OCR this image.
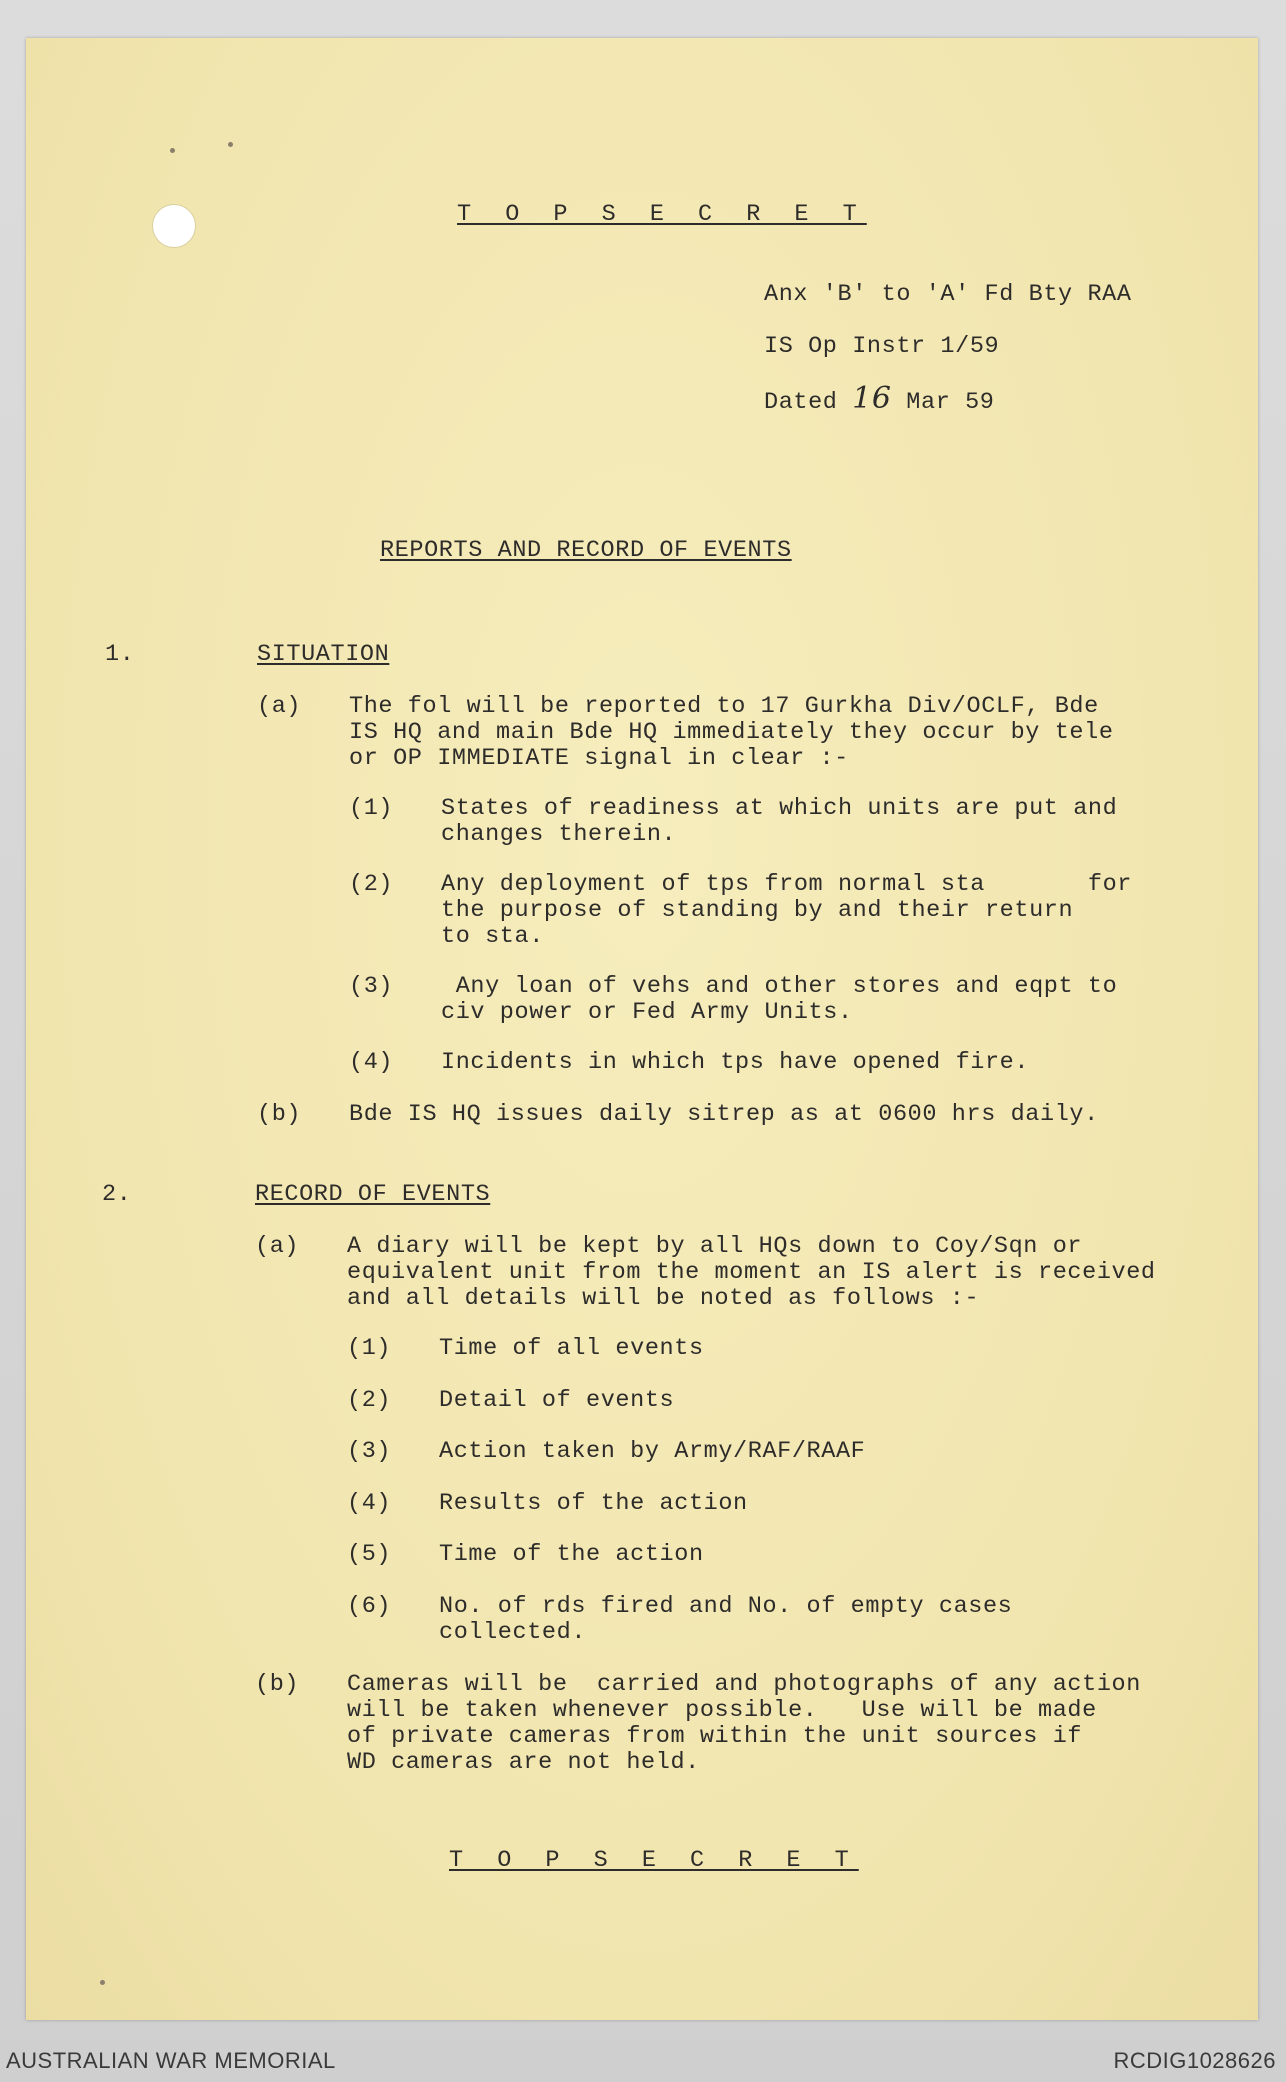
T O P S E C R E T
Anx 'B' to 'A' Fd Bty RAA
IS Op Instr 1/59
Dated 16 Mar 59
REPORTS AND RECORD OF EVENTS
1.	SITUATION
(a) The fol will be reported to 17 Gurkha Div/OCLF, Bde
IS HQ and main Bde HQ immediately they occur by tele
or OP IMMEDIATE signal in clear :-
(1) States of readiness at which units are put and
changes therein.
(2) Any deployment of tps from normal sta       for
the purpose of standing by and their return
to sta.
(3) Any loan of vehs and other stores and eqpt to
civ power or Fed Army Units.
(4) Incidents in which tps have opened fire.
(b) Bde IS HQ issues daily sitrep as at 0600 hrs daily.
2.	RECORD OF EVENTS
(a) A diary will be kept by all HQs down to Coy/Sqn or
equivalent unit from the moment an IS alert is received
and all details will be noted as follows :-
(1) Time of all events
(2) Detail of events
(3) Action taken by Army/RAF/RAAF
(4) Results of the action
(5) Time of the action
(6) No. of rds fired and No. of empty cases
collected.
(b) Cameras will be  carried and photographs of any action
will be taken whenever possible.   Use will be made
of private cameras from within the unit sources if
WD cameras are not held.
T O P S E C R E T
AUSTRALIAN WAR MEMORIAL	RCDIG1028626
